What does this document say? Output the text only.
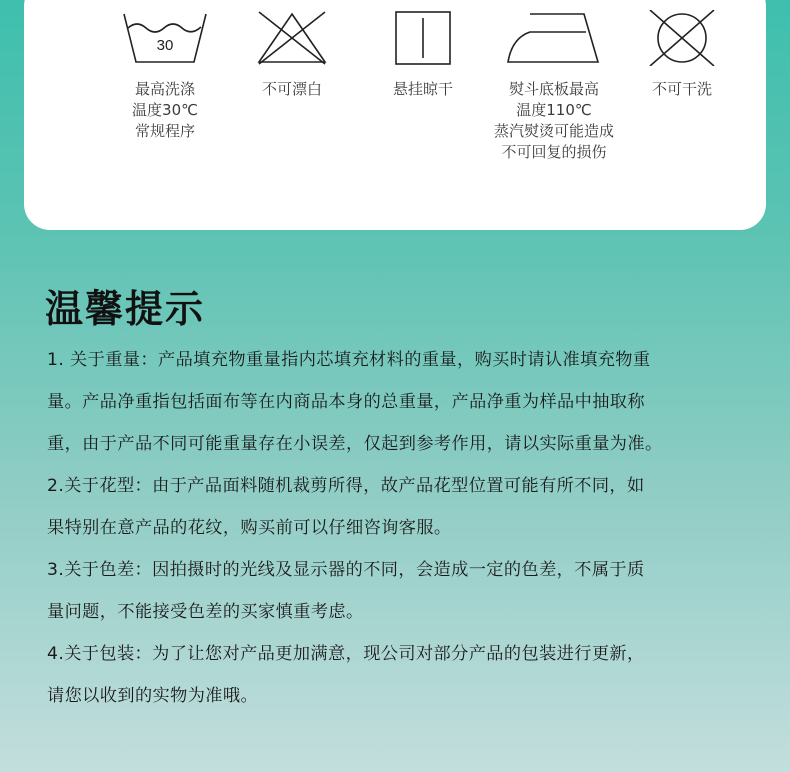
30
最高洗涤
温度30℃
常规程序
不可漂白	悬挂晾干	熨斗底板最高
温度110℃
蒸汽熨烫可能造成
不可回复的损伤
不可干洗
温馨提示
1. 关于重量：产品填充物重量指内芯填充材料的重量，购买时请认准填充物重
量。产品净重指包括面布等在内商品本身的总重量，产品净重为样品中抽取称
重，由于产品不同可能重量存在小误差，仅起到参考作用，请以实际重量为准。
2.关于花型：由于产品面料随机裁剪所得，故产品花型位置可能有所不同，如
果特别在意产品的花纹，购买前可以仔细咨询客服。
3.关于色差：因拍摄时的光线及显示器的不同，会造成一定的色差，不属于质
量问题，不能接受色差的买家慎重考虑。
4.关于包装：为了让您对产品更加满意，现公司对部分产品的包装进行更新，
请您以收到的实物为准哦。
